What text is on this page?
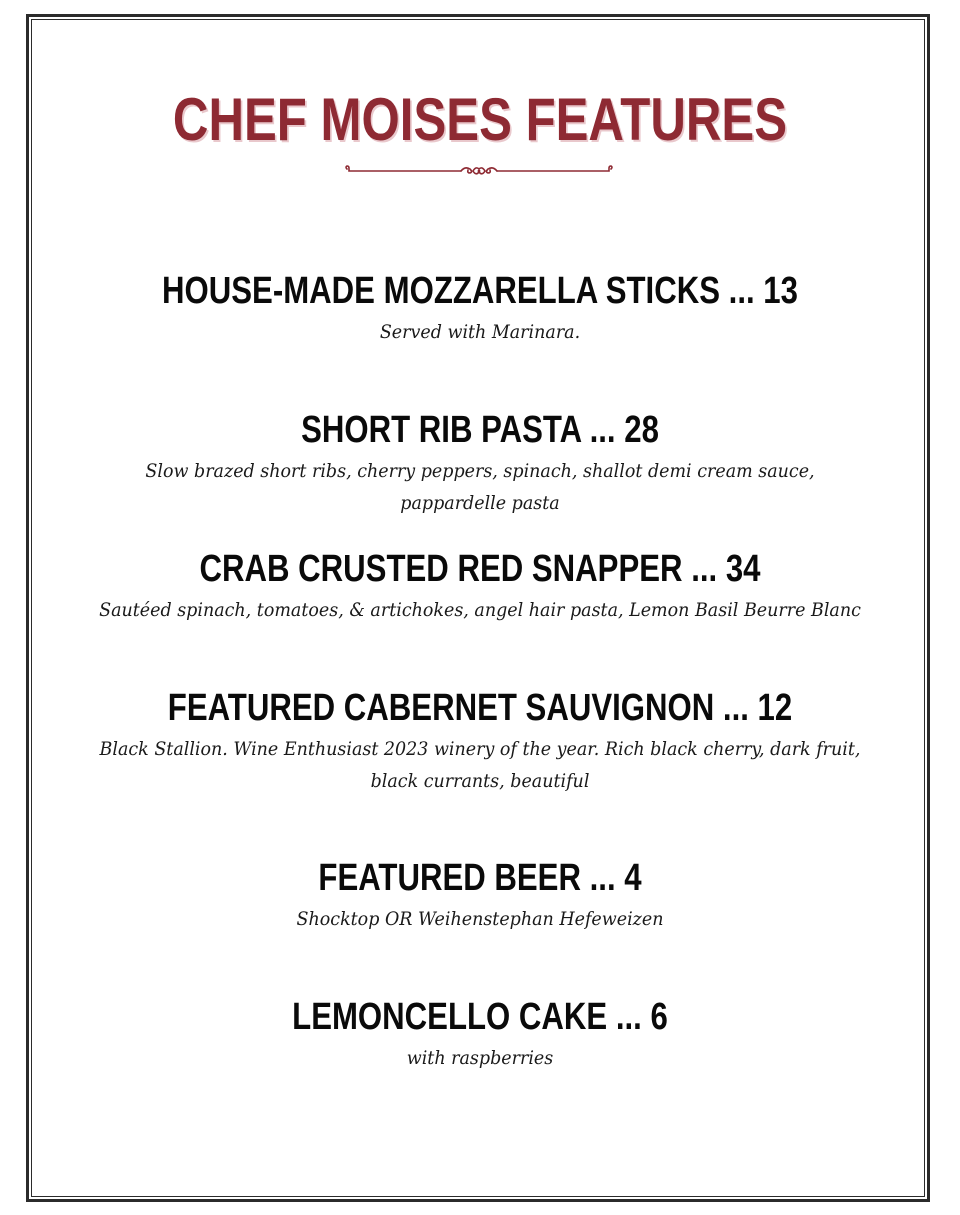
CHEF MOISES FEATURES
HOUSE-MADE MOZZARELLA STICKS ... 13
Served with Marinara.
SHORT RIB PASTA ... 28
Slow brazed short ribs, cherry peppers, spinach, shallot demi cream sauce, pappardelle pasta
CRAB CRUSTED RED SNAPPER ... 34
Sautéed spinach, tomatoes, & artichokes, angel hair pasta, Lemon Basil Beurre Blanc
FEATURED CABERNET SAUVIGNON ... 12
Black Stallion. Wine Enthusiast 2023 winery of the year. Rich black cherry, dark fruit, black currants, beautiful
FEATURED BEER ... 4
Shocktop OR Weihenstephan Hefeweizen
LEMONCELLO CAKE ... 6
with raspberries
